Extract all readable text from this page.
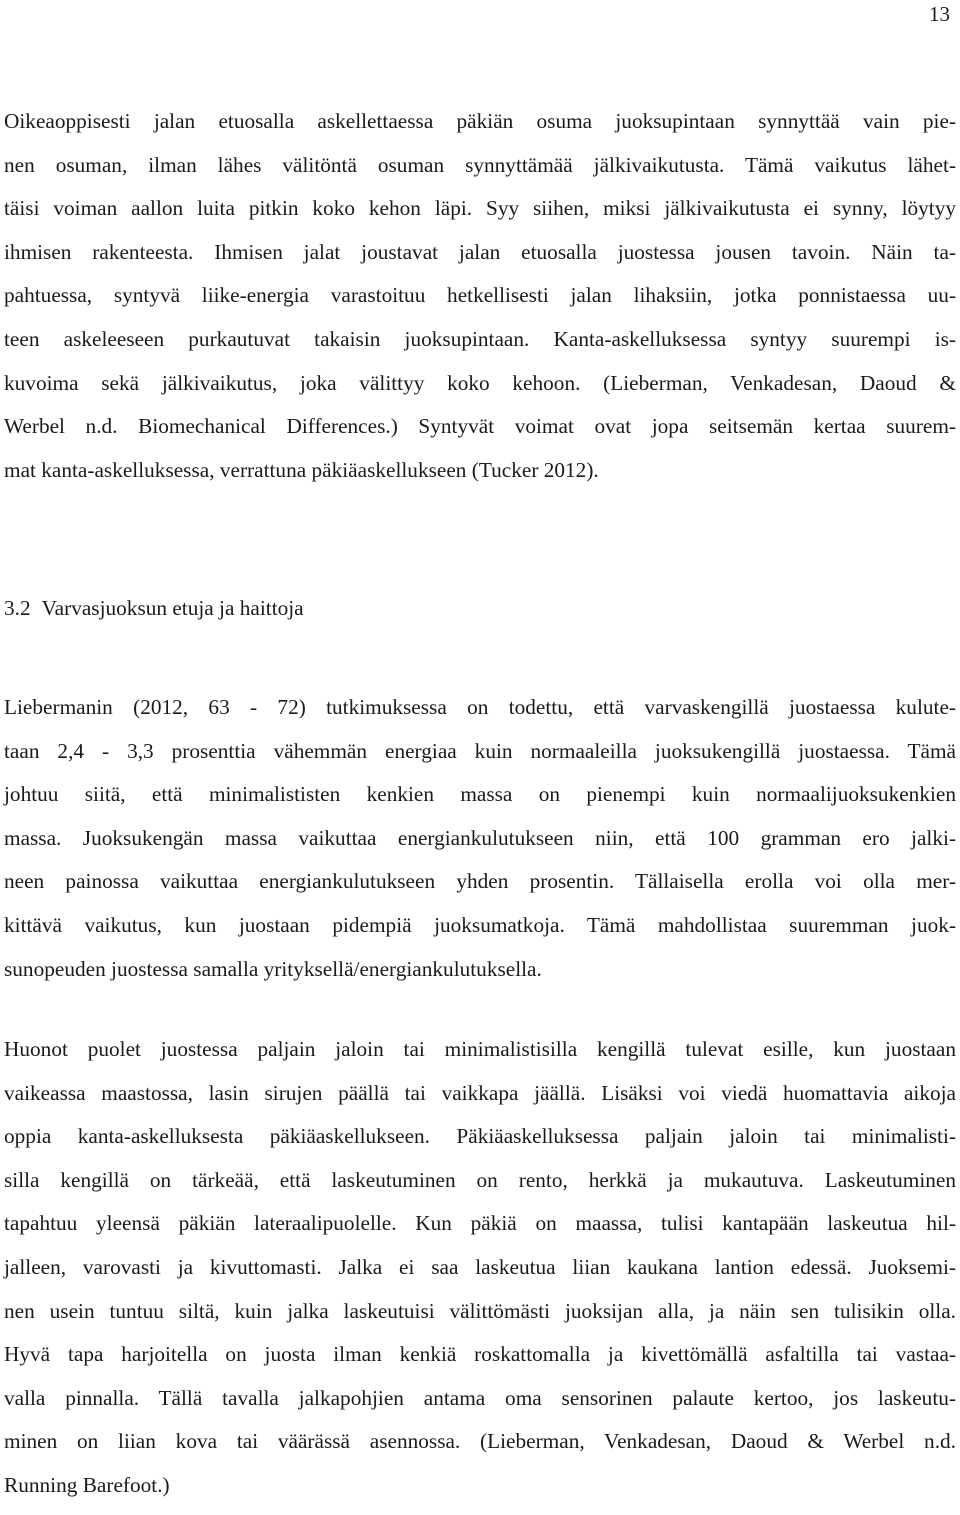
13
Oikeaoppisesti jalan etuosalla askellettaessa päkiän osuma juoksupintaan synnyttää vain pie-
nen osuman, ilman lähes välitöntä osuman synnyttämää jälkivaikutusta. Tämä vaikutus lähet-
täisi voiman aallon luita pitkin koko kehon läpi. Syy siihen, miksi jälkivaikutusta ei synny, löytyy
ihmisen rakenteesta. Ihmisen jalat joustavat jalan etuosalla juostessa jousen tavoin. Näin ta-
pahtuessa, syntyvä liike-energia varastoituu hetkellisesti jalan lihaksiin, jotka ponnistaessa uu-
teen askeleeseen purkautuvat takaisin juoksupintaan. Kanta-askelluksessa syntyy suurempi is-
kuvoima sekä jälkivaikutus, joka välittyy koko kehoon. (Lieberman, Venkadesan, Daoud &
Werbel n.d. Biomechanical Differences.) Syntyvät voimat ovat jopa seitsemän kertaa suurem-
mat kanta-askelluksessa, verrattuna päkiäaskellukseen (Tucker 2012).
3.2 Varvasjuoksun etuja ja haittoja
Liebermanin (2012, 63 - 72) tutkimuksessa on todettu, että varvaskengillä juostaessa kulute-
taan 2,4 - 3,3 prosenttia vähemmän energiaa kuin normaaleilla juoksukengillä juostaessa. Tämä
johtuu siitä, että minimalististen kenkien massa on pienempi kuin normaalijuoksukenkien
massa. Juoksukengän massa vaikuttaa energiankulutukseen niin, että 100 gramman ero jalki-
neen painossa vaikuttaa energiankulutukseen yhden prosentin. Tällaisella erolla voi olla mer-
kittävä vaikutus, kun juostaan pidempiä juoksumatkoja. Tämä mahdollistaa suuremman juok-
sunopeuden juostessa samalla yrityksellä/energiankulutuksella.
Huonot puolet juostessa paljain jaloin tai minimalistisilla kengillä tulevat esille, kun juostaan
vaikeassa maastossa, lasin sirujen päällä tai vaikkapa jäällä. Lisäksi voi viedä huomattavia aikoja
oppia kanta-askelluksesta päkiäaskellukseen. Päkiäaskelluksessa paljain jaloin tai minimalisti-
silla kengillä on tärkeää, että laskeutuminen on rento, herkkä ja mukautuva. Laskeutuminen
tapahtuu yleensä päkiän lateraalipuolelle. Kun päkiä on maassa, tulisi kantapään laskeutua hil-
jalleen, varovasti ja kivuttomasti. Jalka ei saa laskeutua liian kaukana lantion edessä. Juoksemi-
nen usein tuntuu siltä, kuin jalka laskeutuisi välittömästi juoksijan alla, ja näin sen tulisikin olla.
Hyvä tapa harjoitella on juosta ilman kenkiä roskattomalla ja kivettömällä asfaltilla tai vastaa-
valla pinnalla. Tällä tavalla jalkapohjien antama oma sensorinen palaute kertoo, jos laskeutu-
minen on liian kova tai väärässä asennossa. (Lieberman, Venkadesan, Daoud & Werbel n.d.
Running Barefoot.)
